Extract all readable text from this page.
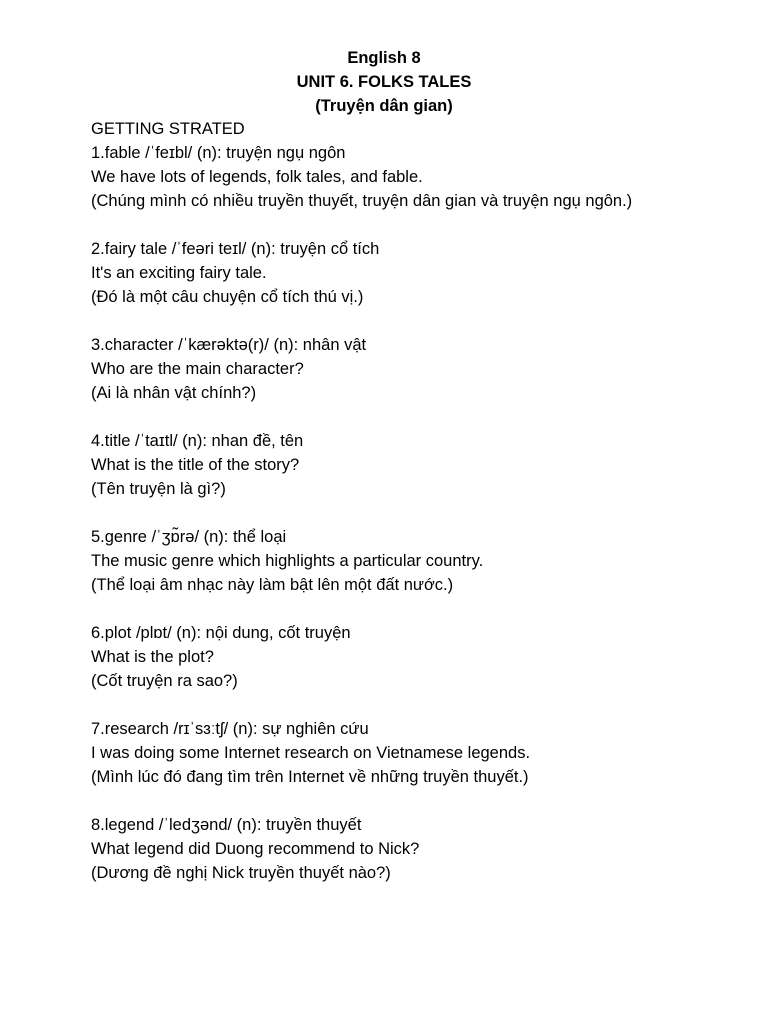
English 8
UNIT 6. FOLKS TALES
(Truyện dân gian)
GETTING STRATED
1.fable /ˈfeɪbl/ (n): truyện ngụ ngôn
We have lots of legends, folk tales, and fable.
(Chúng mình có nhiều truyền thuyết, truyện dân gian và truyện ngụ ngôn.)
2.fairy tale /ˈfeəri teɪl/ (n): truyện cổ tích
It's an exciting fairy tale.
(Đó là một câu chuyện cổ tích thú vị.)
3.character /ˈkærəktə(r)/ (n): nhân vật
Who are the main character?
(Ai là nhân vật chính?)
4.title /ˈtaɪtl/ (n): nhan đề, tên
What is the title of the story?
(Tên truyện là gì?)
5.genre /ˈʒɒ̃rə/ (n): thể loại
The music genre which highlights a particular country.
(Thể loại âm nhạc này làm bật lên một đất nước.)
6.plot /plɒt/ (n): nội dung, cốt truyện
What is the plot?
(Cốt truyện ra sao?)
7.research /rɪˈsɜːtʃ/ (n): sự nghiên cứu
I was doing some Internet research on Vietnamese legends.
(Mình lúc đó đang tìm trên Internet về những truyền thuyết.)
8.legend /ˈledʒənd/ (n): truyền thuyết
What legend did Duong recommend to Nick?
(Dương đề nghị Nick truyền thuyết nào?)
